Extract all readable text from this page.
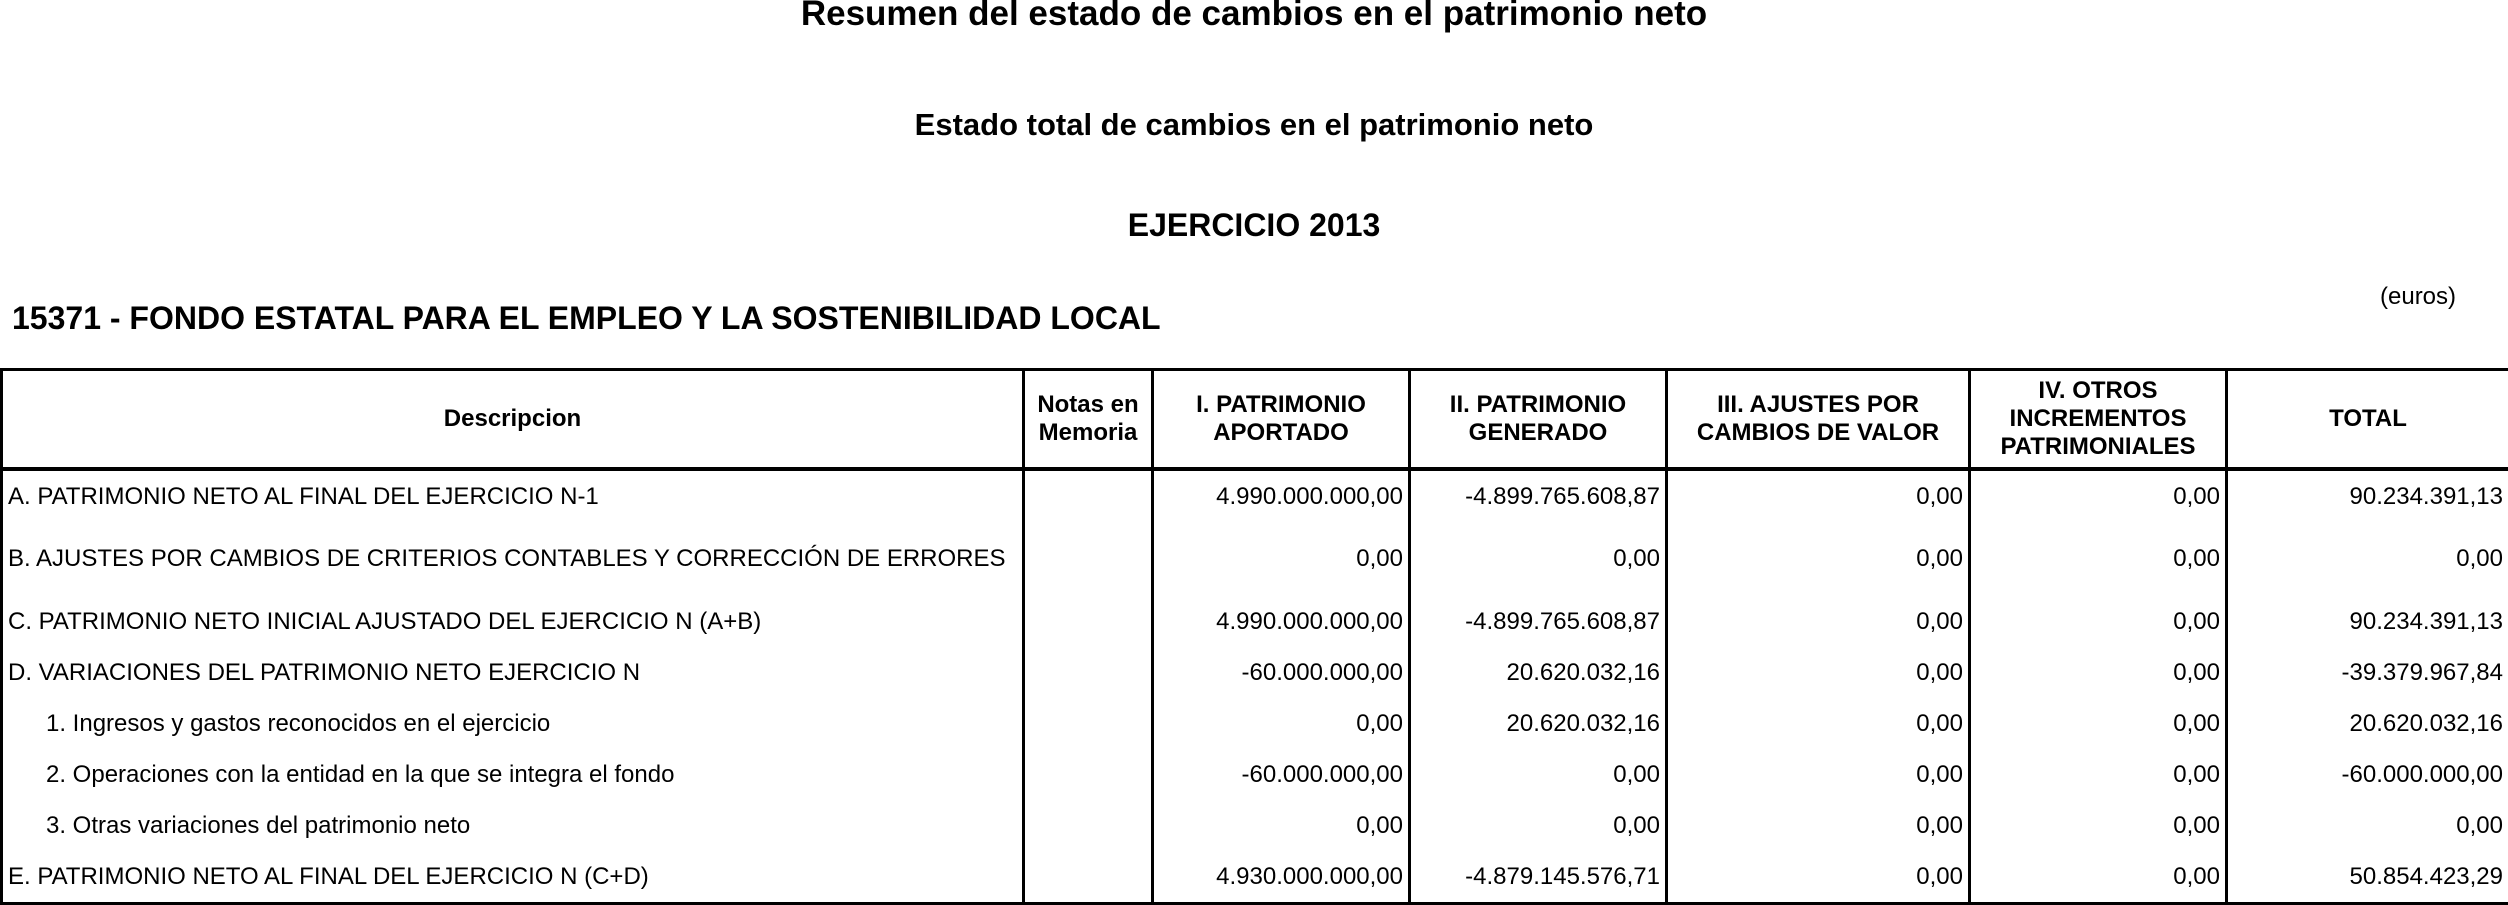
Resumen del estado de cambios en el patrimonio neto
Estado total de cambios en el patrimonio neto
EJERCICIO 2013
15371 - FONDO ESTATAL PARA EL EMPLEO Y LA SOSTENIBILIDAD LOCAL
(euros)
Descripcion	Notas en Memoria	I. PATRIMONIO APORTADO	II. PATRIMONIO GENERADO	III. AJUSTES POR CAMBIOS DE VALOR	IV. OTROS INCREMENTOS PATRIMONIALES	TOTAL
A. PATRIMONIO NETO AL FINAL DEL EJERCICIO N-1		4.990.000.000,00	-4.899.765.608,87	0,00	0,00	90.234.391,13
B. AJUSTES POR CAMBIOS DE CRITERIOS CONTABLES Y CORRECCIÓN DE ERRORES		0,00	0,00	0,00	0,00	0,00
C. PATRIMONIO NETO INICIAL AJUSTADO DEL EJERCICIO N (A+B)		4.990.000.000,00	-4.899.765.608,87	0,00	0,00	90.234.391,13
D. VARIACIONES DEL PATRIMONIO NETO EJERCICIO N		-60.000.000,00	20.620.032,16	0,00	0,00	-39.379.967,84
1. Ingresos y gastos reconocidos en el ejercicio		0,00	20.620.032,16	0,00	0,00	20.620.032,16
2. Operaciones con la entidad en la que se integra el fondo		-60.000.000,00	0,00	0,00	0,00	-60.000.000,00
3. Otras variaciones del patrimonio neto		0,00	0,00	0,00	0,00	0,00
E. PATRIMONIO NETO AL FINAL DEL EJERCICIO N (C+D)		4.930.000.000,00	-4.879.145.576,71	0,00	0,00	50.854.423,29
